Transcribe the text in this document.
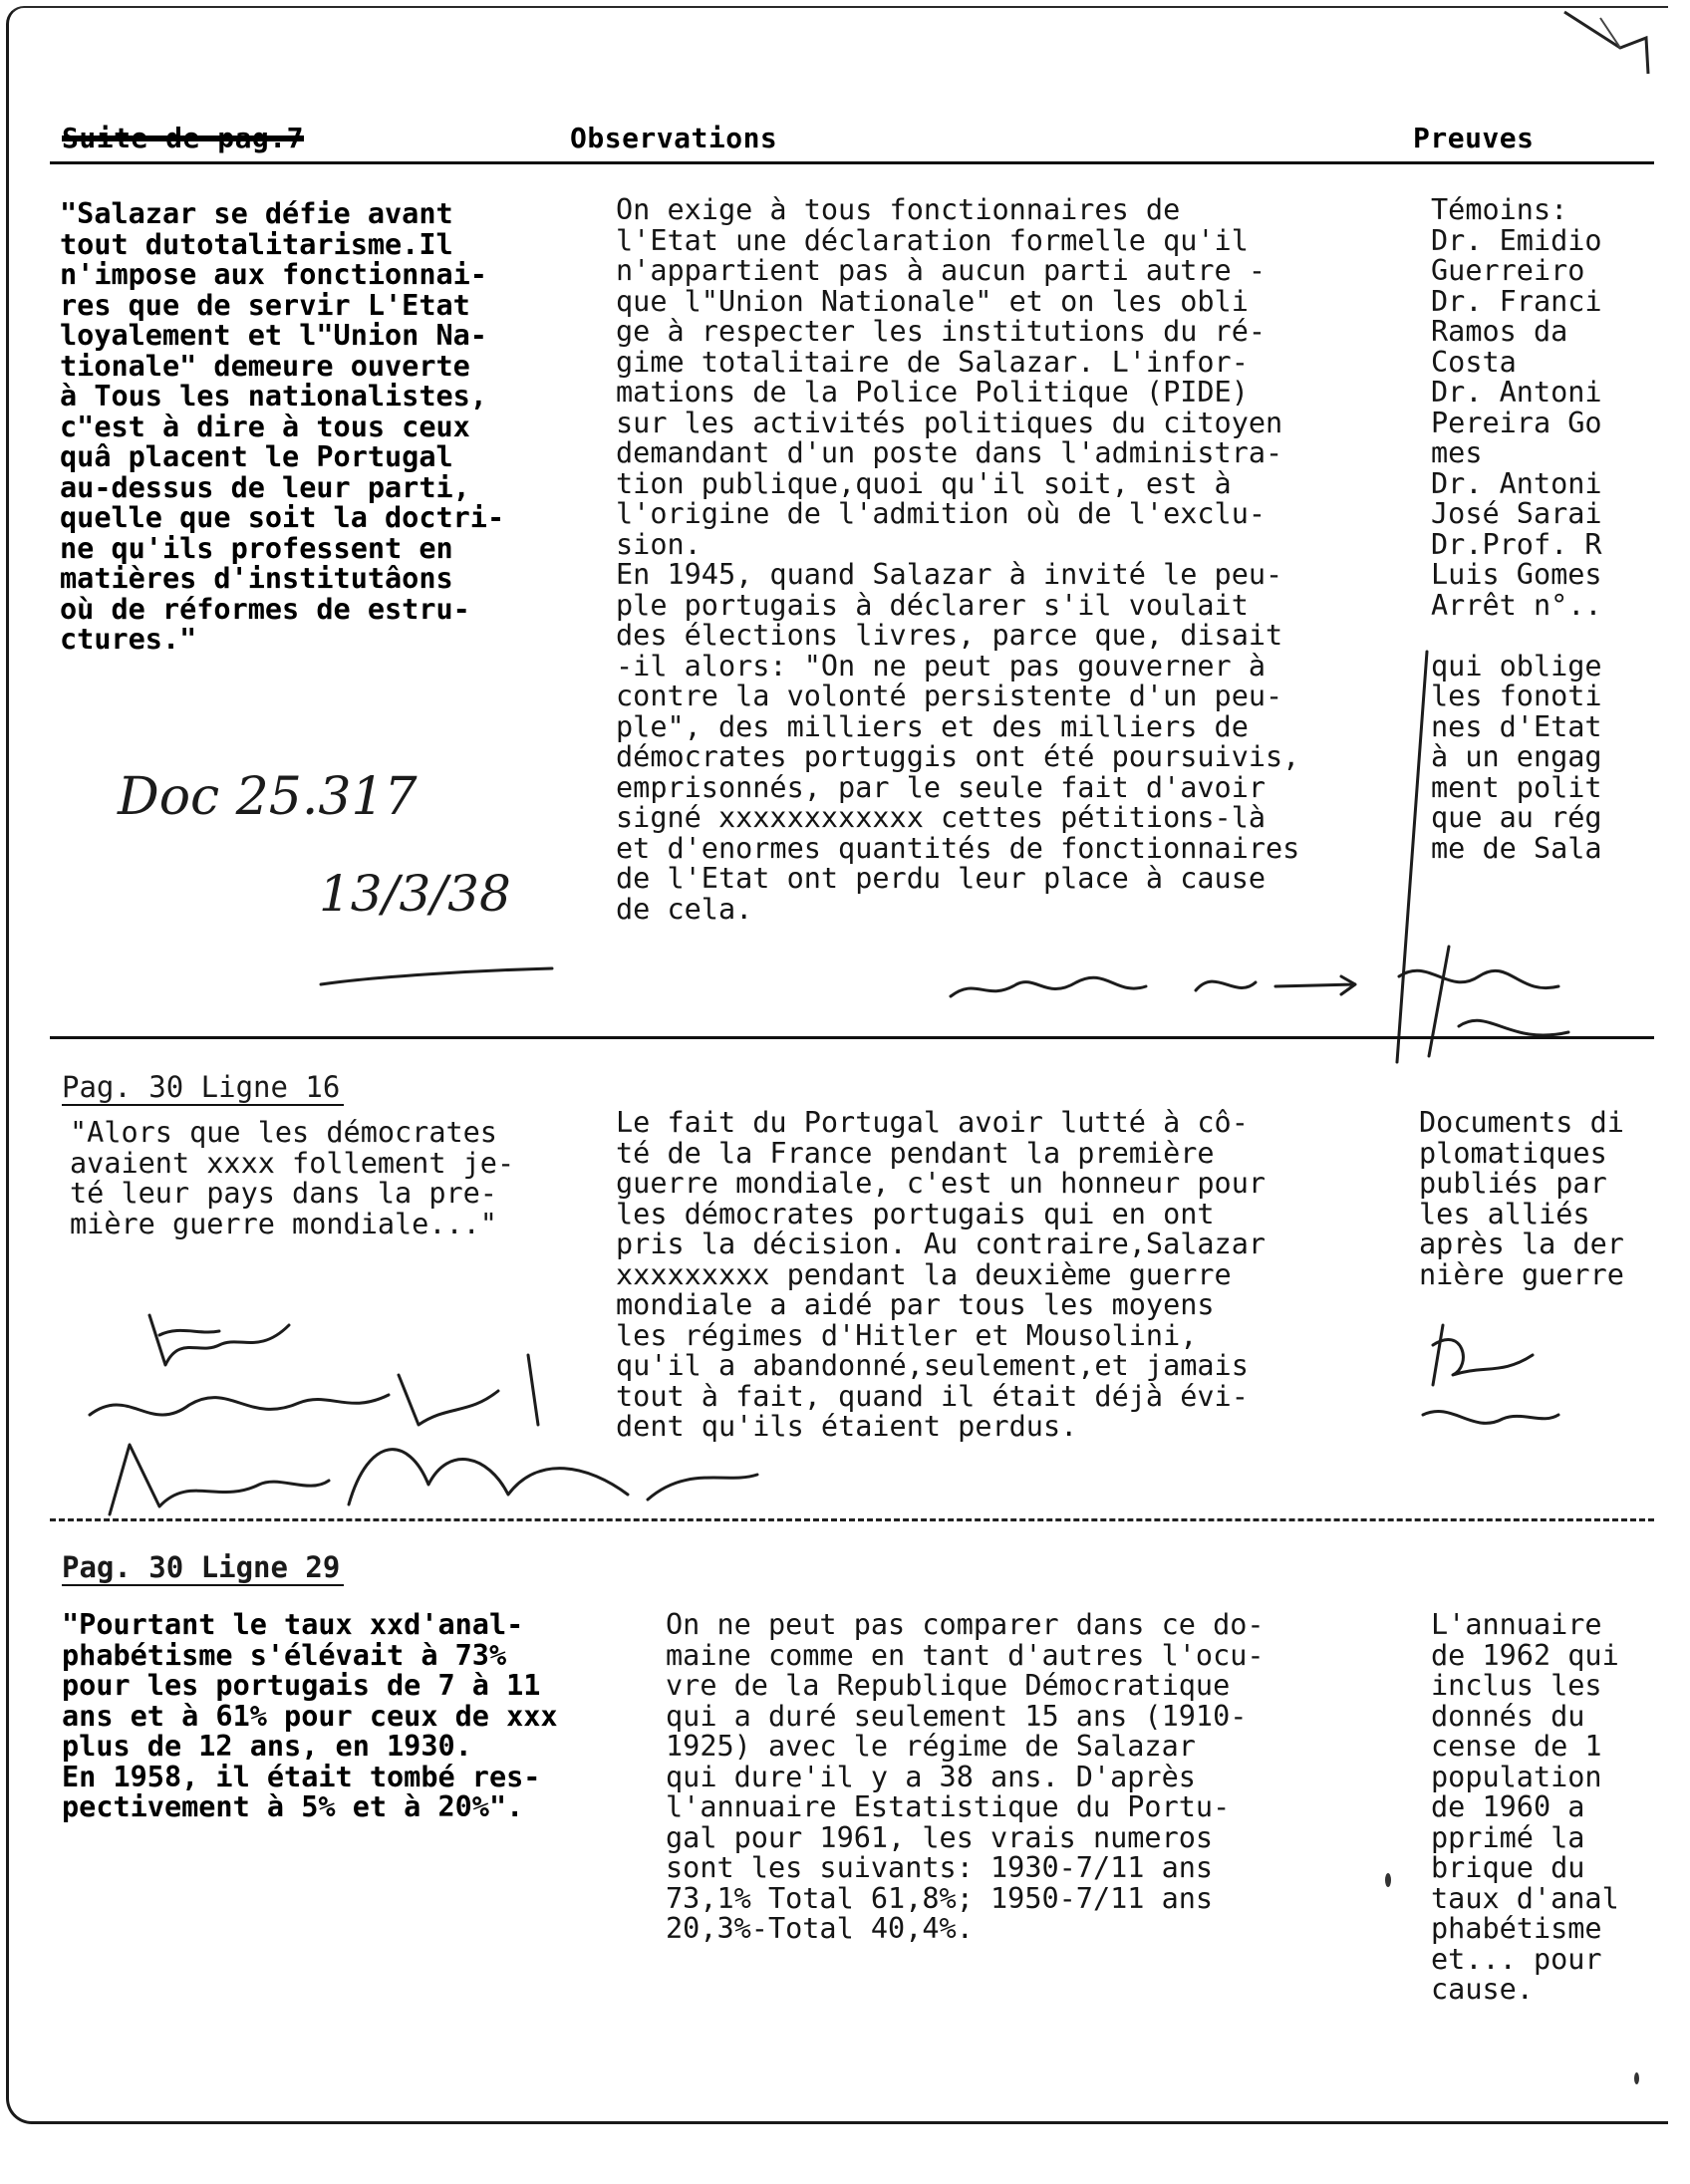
Suite de pag.7	Observations	Preuves
"Salazar se défie avant
tout dutotalitarisme.Il
n'impose aux fonctionnai-
res que de servir L'Etat
loyalement et l"Union Na-
tionale" demeure ouverte
à Tous les nationalistes,
c"est à dire à tous ceux
quâ placent le Portugal
au-dessus de leur parti,
quelle que soit la doctri-
ne qu'ils professent en
matières d'institutâons
où de réformes de estru-
ctures."
On exige à tous fonctionnaires de
l'Etat une déclaration formelle qu'il
n'appartient pas à aucun parti autre -
que l"Union Nationale" et on les obli
ge à respecter les institutions du ré-
gime totalitaire de Salazar. L'infor-
mations de la Police Politique (PIDE)
sur les activités politiques du citoyen
demandant d'un poste dans l'administra-
tion publique,quoi qu'il soit, est à
l'origine de l'admition où de l'exclu-
sion.
En 1945, quand Salazar à invité le peu-
ple portugais à déclarer s'il voulait
des élections livres, parce que, disait
-il alors: "On ne peut pas gouverner à
contre la volonté persistente d'un peu-
ple", des milliers et des milliers de
démocrates portuggis ont été poursuivis,
emprisonnés, par le seule fait d'avoir
signé xxxxxxxxxxxx cettes pétitions-là
et d'enormes quantités de fonctionnaires
de l'Etat ont perdu leur place à cause
de cela.
Témoins:
Dr. Emidio
Guerreiro
Dr. Franci
Ramos da
Costa
Dr. Antoni
Pereira Go
mes
Dr. Antoni
José Sarai
Dr.Prof. R
Luis Gomes
Arrêt n°..

qui oblige
les fonoti
nes d'Etat
à un engag
ment polit
que au rég
me de Sala
Doc 25.317
13/3/38
Pag. 30 Ligne 16
"Alors que les démocrates
avaient xxxx follement je-
té leur pays dans la pre-
mière guerre mondiale..."
Le fait du Portugal avoir lutté à cô-
té de la France pendant la première
guerre mondiale, c'est un honneur pour
les démocrates portugais qui en ont
pris la décision. Au contraire,Salazar
xxxxxxxxx pendant la deuxième guerre
mondiale a aidé par tous les moyens
les régimes d'Hitler et Mousolini,
qu'il a abandonné,seulement,et jamais
tout à fait, quand il était déjà évi-
dent qu'ils étaient perdus.
Documents di
plomatiques
publiés par
les alliés
après la der
nière guerre
Pag. 30 Ligne 29
"Pourtant le taux xxd'anal-
phabétisme s'élévait à 73%
pour les portugais de 7 à 11
ans et à 61% pour ceux de xxx
plus de 12 ans, en 1930.
En 1958, il était tombé res-
pectivement à 5% et à 20%".
On ne peut pas comparer dans ce do-
maine comme en tant d'autres l'ocu-
vre de la Republique Démocratique
qui a duré seulement 15 ans (1910-
1925) avec le régime de Salazar
qui dure'il y a 38 ans. D'après
l'annuaire Estatistique du Portu-
gal pour 1961, les vrais numeros
sont les suivants: 1930-7/11 ans
73,1% Total 61,8%; 1950-7/11 ans
20,3%-Total 40,4%.
L'annuaire
de 1962 qui
inclus les
donnés du
cense de 1
population
de 1960 a
pprimé la
brique du
taux d'anal
phabétisme
et... pour
cause.
